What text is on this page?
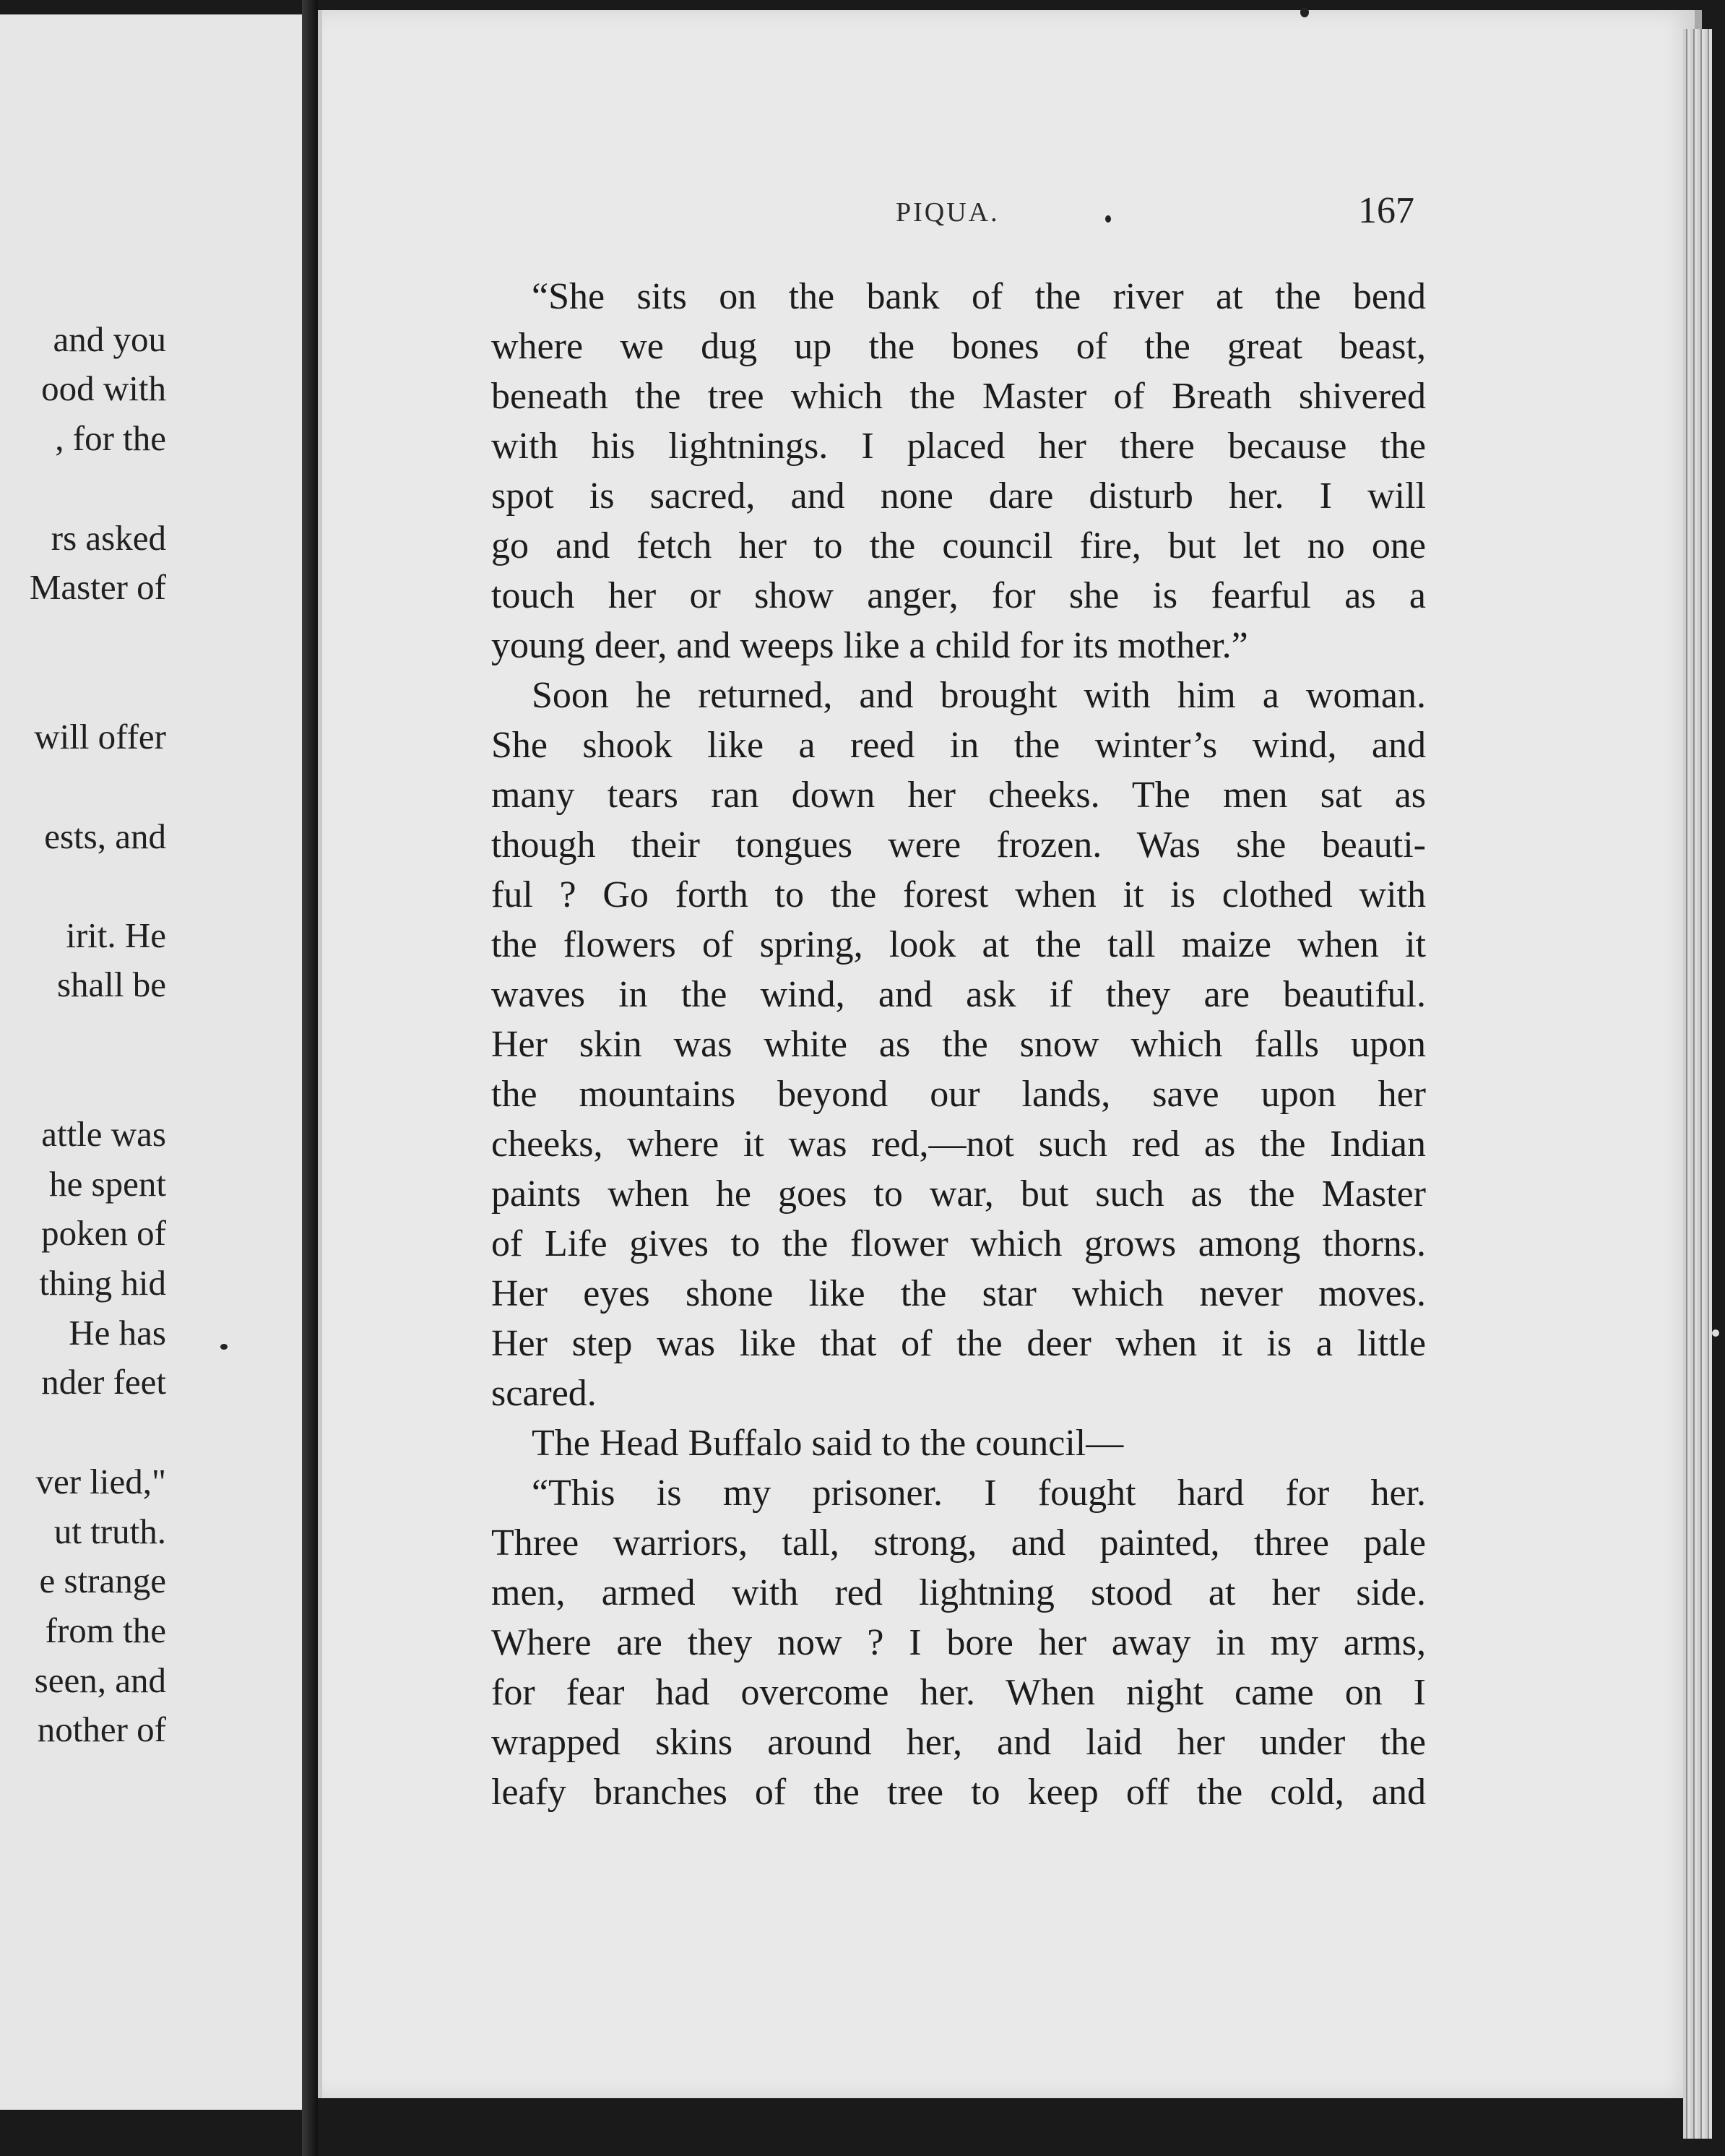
and you
ood with
, for the
rs asked
Master of
will offer
ests, and
irit. He
shall be
attle was
he spent
poken of
thing hid
He has
nder feet
ver lied,"
ut truth.
e strange
from the
seen, and
nother of
PIQUA.	167
“She sits on the bank of the river at the bend
where we dug up the bones of the great beast,
beneath the tree which the Master of Breath shivered
with his lightnings. I placed her there because the
spot is sacred, and none dare disturb her. I will
go and fetch her to the council fire, but let no one
touch her or show anger, for she is fearful as a
young deer, and weeps like a child for its mother.”
Soon he returned, and brought with him a woman.
She shook like a reed in the winter’s wind, and
many tears ran down her cheeks. The men sat as
though their tongues were frozen. Was she beauti-
ful ? Go forth to the forest when it is clothed with
the flowers of spring, look at the tall maize when it
waves in the wind, and ask if they are beautiful.
Her skin was white as the snow which falls upon
the mountains beyond our lands, save upon her
cheeks, where it was red,—not such red as the Indian
paints when he goes to war, but such as the Master
of Life gives to the flower which grows among thorns.
Her eyes shone like the star which never moves.
Her step was like that of the deer when it is a little
scared.
The Head Buffalo said to the council—
“This is my prisoner. I fought hard for her.
Three warriors, tall, strong, and painted, three pale
men, armed with red lightning stood at her side.
Where are they now ? I bore her away in my arms,
for fear had overcome her. When night came on I
wrapped skins around her, and laid her under the
leafy branches of the tree to keep off the cold, and
